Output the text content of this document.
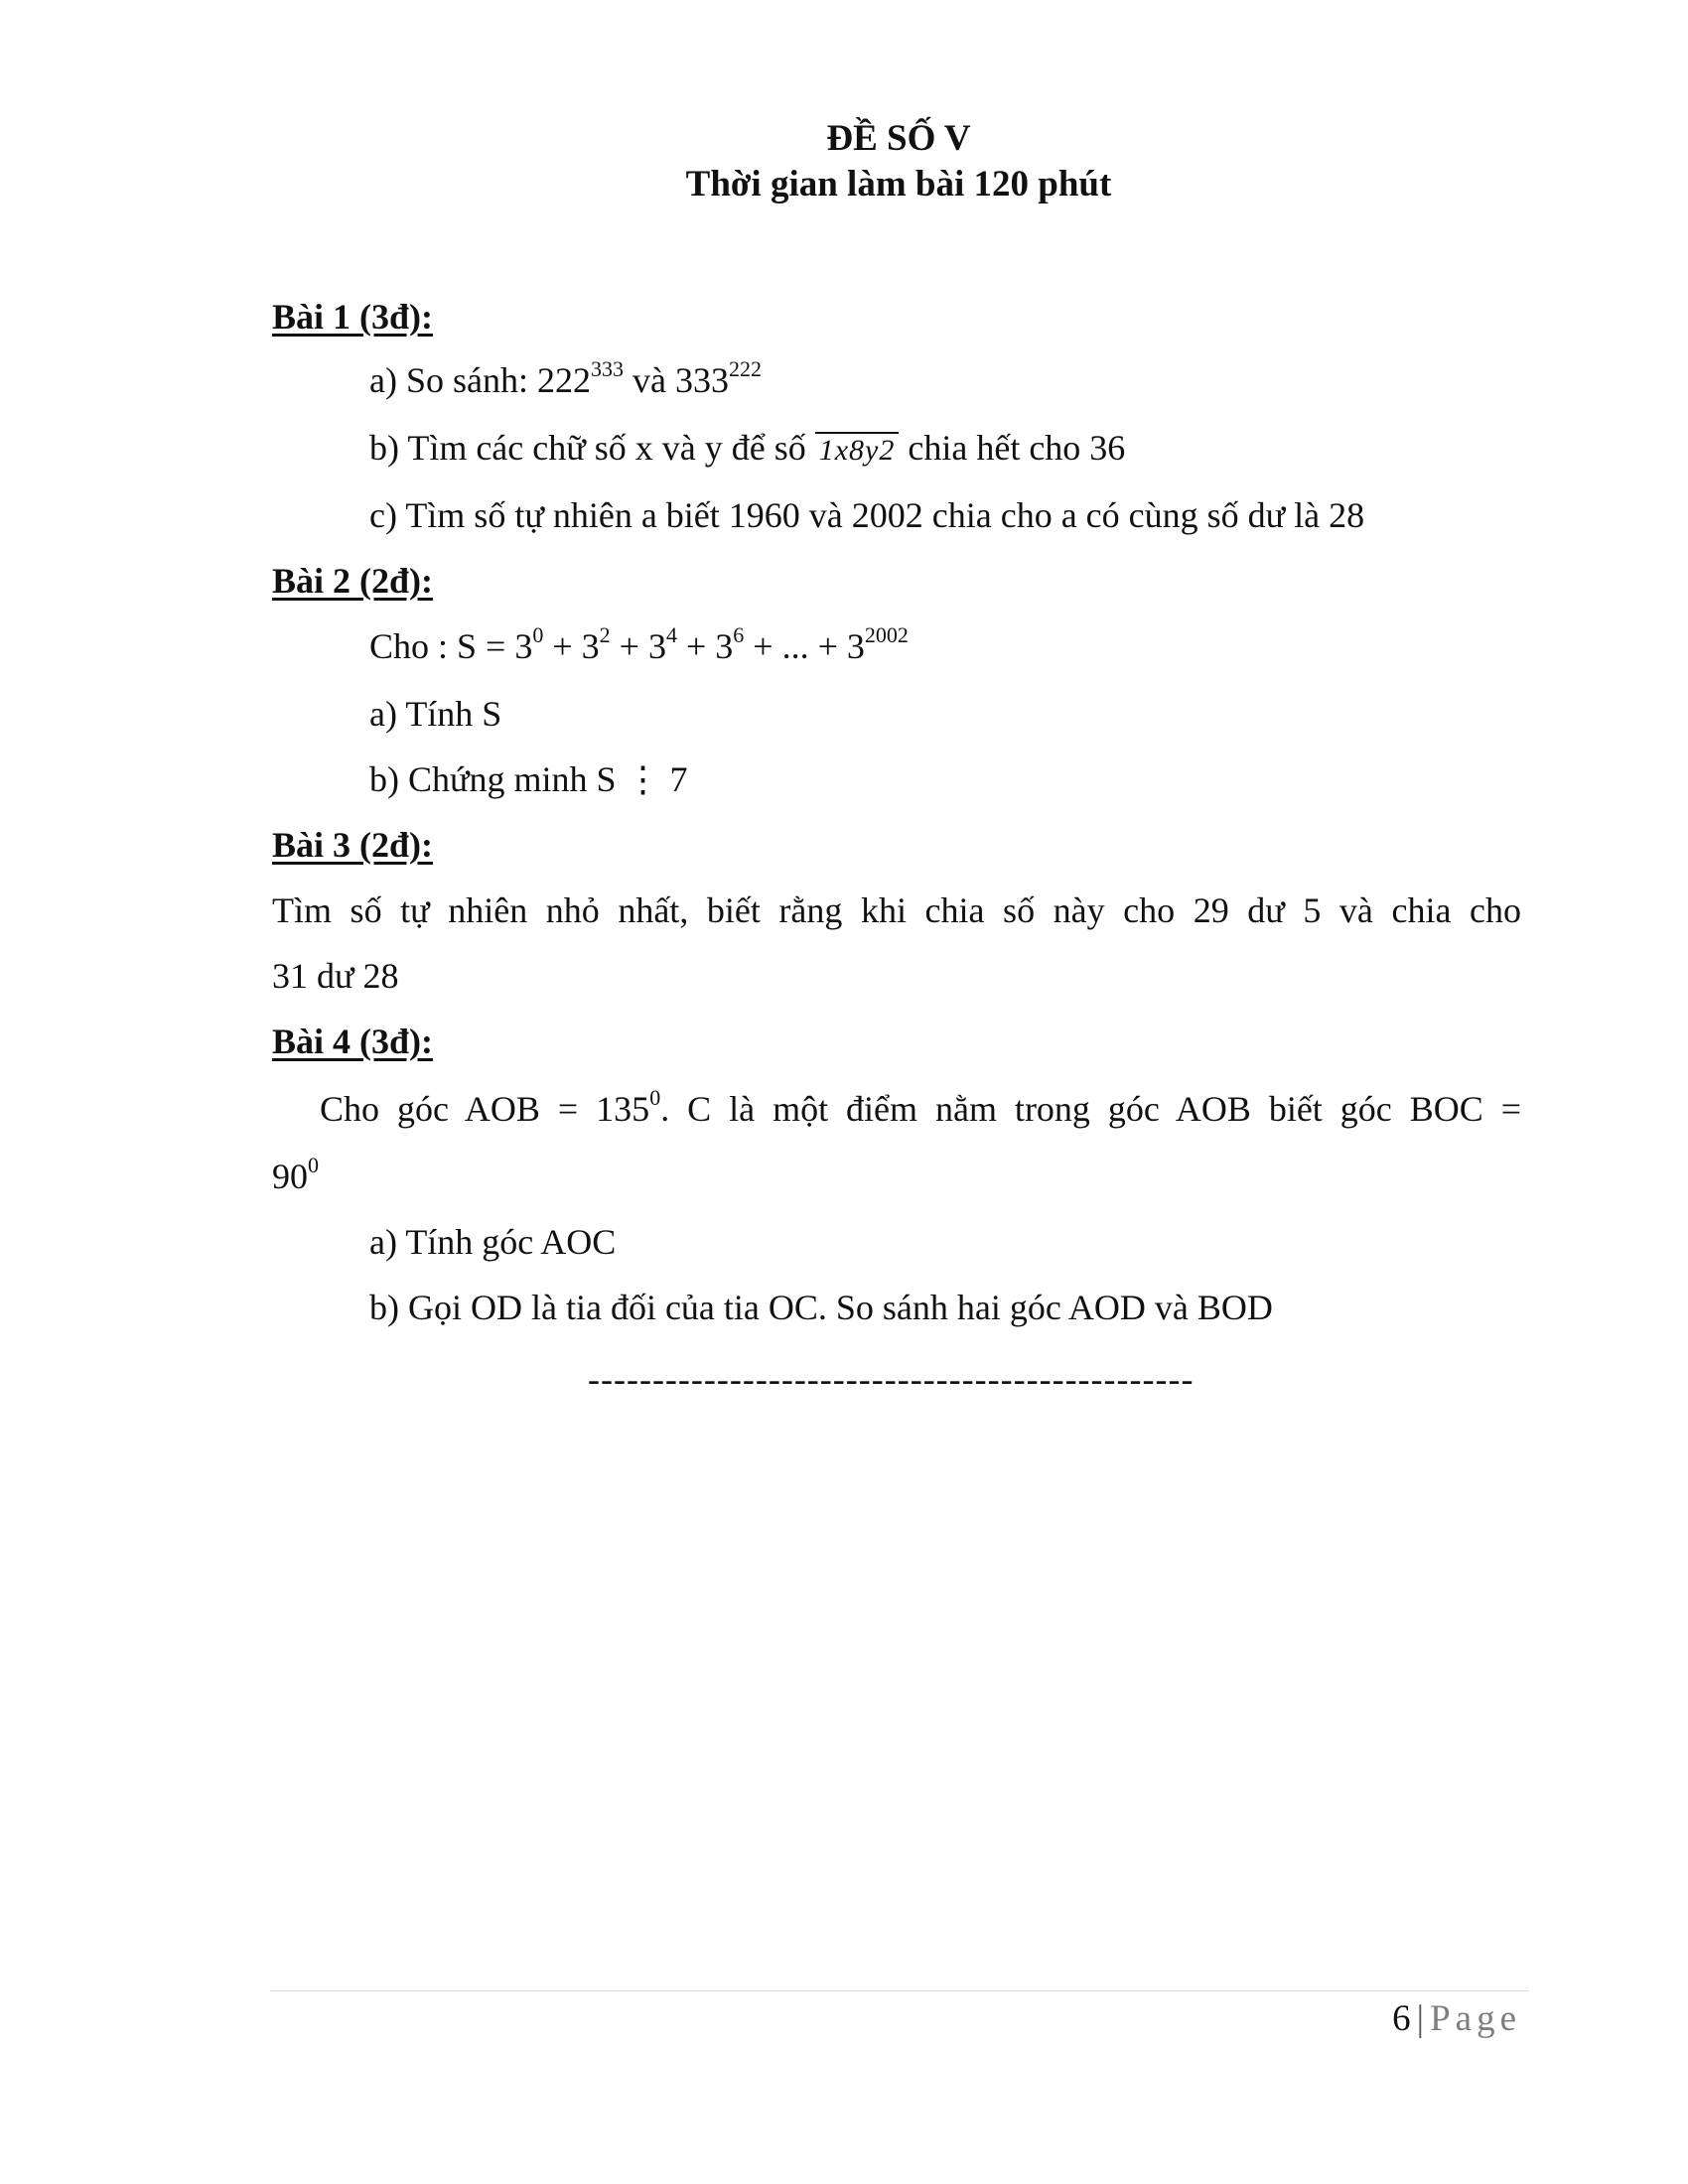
ĐỀ SỐ V
Thời gian làm bài 120 phút
Bài 1 (3đ):
a) So sánh: $222^{333}$ và $333^{222}$
b) Tìm các chữ số x và y để số 1x8y2 chia hết cho 36
c) Tìm số tự nhiên a biết 1960 và 2002 chia cho a có cùng số dư là 28
Bài 2 (2đ):
Cho : $S = 3^0 + 3^2 + 3^4 + 3^6$ + ... + $3^{2002}$
a) Tính S
b) Chứng minh S ⋮ 7
Bài 3 (2đ):
Tìm số tự nhiên nhỏ nhất, biết rằng khi chia số này cho 29 dư 5 và chia cho
31 dư 28
Bài 4 (3đ):
Cho góc AOB = $135^0$. C là một điểm nằm trong góc AOB biết góc BOC =
$90^0$
a) Tính góc AOC
b) Gọi OD là tia đối của tia OC. So sánh hai góc AOD và BOD
-----------------------------------------------
6 | Page
